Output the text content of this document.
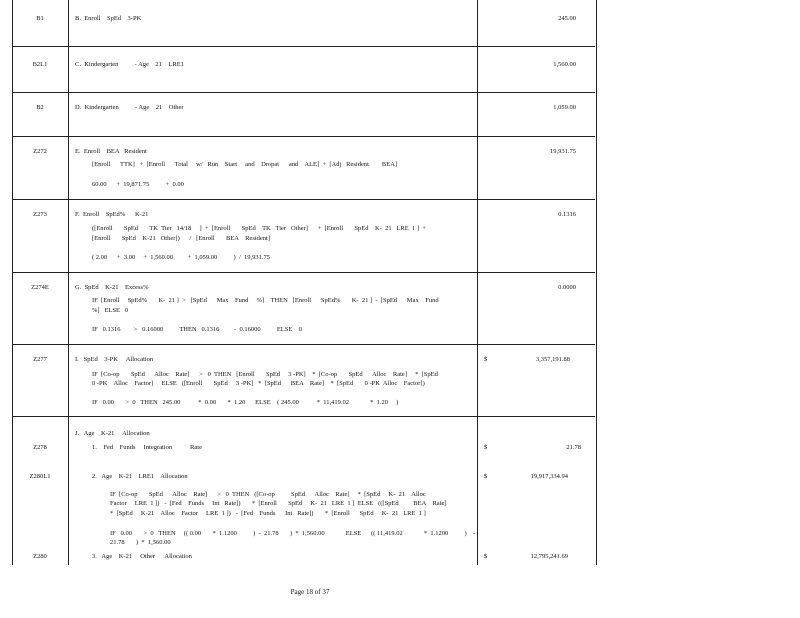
B1	B.  Enroll    SpEd    3-PK	245.00
B2L1	C.  Kindergarten          - Age    21    LRE1	1,560.00
B2	D.  Kindergarten          - Age    21    Other	1,059.00
Z272	E.  Enroll    BEA   Resident	19,931.75
[Enroll      TTK]   +  [Enroll      Total     w/   Run    Start     and    Dropat      and    ALE]  +  [Adj   Resident        BEA]
60.00      +  19,871.75          +  0.00
Z273	F.  Enroll    SpEd%      K-21	0.1316
([Enroll       SpEd       TK  Tier   14/18     ]  +  [Enroll       SpEd    TK   Tier   Other]      +  [Enroll       SpEd    K-  21   LRE  1 ]  +
[Enroll       SpEd    K-21   Other])      /   [Enroll       BEA    Resident]
( 2.00      +  3.00     +  1,560.00         +  1,059.00          )  /  19,931.75
Z274E	G.  SpEd    K-21    Excess%	0.0000
IF  [Enroll     SpEd%       K-  21 ]  >   [SpEd      Max    Fund     %]    THEN   [Enroll      SpEd%       K-  21 ]  -  [SpEd      Max    Fund
%]   ELSE   0
IF   0.1316        >   0.16000          THEN   0.1316         -  0.16000          ELSE    0
Z277	I.   SpEd    3-PK     Allocation	$	3,357,191.88
IF  [Co-op       SpEd      Alloc    Rate]      >   0  THEN   [Enroll       SpEd     3 -PK]    *  [Co-op       SpEd      Alloc    Rate]     *  [SpEd
0 -PK    Alloc    Factor]     ELSE   ([Enroll       SpEd     3 -PK]   *  [SpEd      BEA    Rate]    *  [SpEd       0 -PK  Alloc    Factor])
IF   0.00       >  0   THEN   245.00           *  0.00       *  1.20      ELSE    ( 245.00           *  11,419.02             *  1.20     )
J.   Age    K-21     Allocation
Z278	1.    Fed    Funds     Integration           Rate	$	21.78
Z280L1	2.   Age    K-21    LRE1    Allocation	$	19,917,334.94
IF  [Co-op       SpEd      Alloc    Rate]      >   0  THEN   ([Co-op          SpEd      Alloc    Rate]     *  [SpEd     K-  21    Alloc
Factor     LRE  1 ])   -  [Fed    Funds     Int   Rate])       *  [Enroll       SpEd     K-  21   LRE  1 ]  ELSE   (([SpEd         BEA    Rate]
*  [SpEd     K-21    Alloc    Factor     LRE  1 ])   -  [Fed    Funds      Int   Rate])       *  [Enroll      SpEd     K-  21   LRE  1 ]
IF   0.00       >  0   THEN     (( 0.00       *  1.1200          )  -  21.78       )  *  1,560.00             ELSE      (( 11,419.02             *  1.1200          )    -
21.78       )  *  1,560.00
Z280	3.   Age    K-21     Other      Allocation	$	12,795,241.69
Page 18 of 37
